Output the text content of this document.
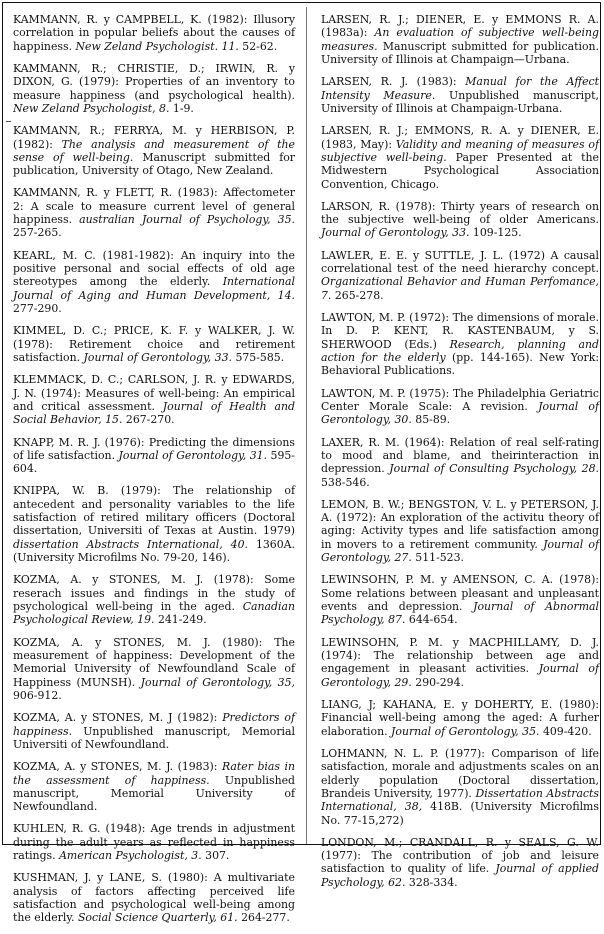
KAMMANN, R. y CAMPBELL, K. (1982): Illusory correlation in popular beliefs about the causes of happiness. New Zeland Psychologist. 11. 52-62.

KAMMANN, R.; CHRISTIE, D.; IRWIN, R. y DIXON, G. (1979): Properties of an inventory to measure happiness (and psychological health). New Zeland Psychologist, 8. 1-9.

KAMMANN, R.; FERRYA, M. y HERBISON, P. (1982): The analysis and measurement of the sense of well-being. Manuscript submitted for publication, University of Otago, New Zealand.

KAMMANN, R. y FLETT, R. (1983): Affectometer 2: A scale to measure current level of general happiness. australian Journal of Psychology, 35. 257-265.

KEARL, M. C. (1981-1982): An inquiry into the positive personal and social effects of old age stereotypes among the elderly. International Journal of Aging and Human Development, 14. 277-290.

KIMMEL, D. C.; PRICE, K. F. y WALKER, J. W. (1978): Retirement choice and retirement satisfaction. Journal of Gerontology, 33. 575-585.

KLEMMACK, D. C.; CARLSON, J. R. y EDWARDS, J. N. (1974): Measures of well-being: An empirical and critical assessment. Journal of Health and Social Behavior, 15. 267-270.

KNAPP, M. R. J. (1976): Predicting the dimensions of life satisfaction. Journal of Gerontology, 31. 595-604.

KNIPPA, W. B. (1979): The relationship of antecedent and personality variables to the life satisfaction of retired military officers (Doctoral dissertation, Universiti of Texas at Austin. 1979) dissertation Abstracts International, 40. 1360A. (University Microfilms No. 79-20, 146).

KOZMA, A. y STONES, M. J. (1978): Some reserach issues and findings in the study of psychological well-being in the aged. Canadian Psychological Review, 19. 241-249.

KOZMA, A. y STONES, M. J. (1980): The measurement of happiness: Development of the Memorial University of Newfoundland Scale of Happiness (MUNSH). Journal of Gerontology, 35, 906-912.

KOZMA, A. y STONES, M. J (1982): Predictors of happiness. Unpublished manuscript, Memorial Universiti of Newfoundland.

KOZMA, A. y STONES, M. J. (1983): Rater bias in the assessment of happiness. Unpublished manuscript, Memorial University of Newfoundland.

KUHLEN, R. G. (1948): Age trends in adjustment during the adult years as reflected in happiness ratings. American Psychologist, 3. 307.

KUSHMAN, J. y LANE, S. (1980): A multivariate analysis of factors affecting perceived life satisfaction and psychological well-being among the elderly. Social Science Quarterly, 61. 264-277.

LARSEN, R. J.; DIENER, E. y EMMONS R. A. (1983a): An evaluation of subjective well-being measures. Manuscript submitted for publication. University of Illinois at Champaign—Urbana.

LARSEN, R. J. (1983): Manual for the Affect Intensity Measure. Unpublished manuscript, University of Illinois at Champaign-Urbana.

LARSEN, R. J.; EMMONS, R. A. y DIENER, E. (1983, May): Validity and meaning of measures of subjective well-being. Paper Presented at the Midwestern Psychological Association Convention, Chicago.

LARSON, R. (1978): Thirty years of research on the subjective well-being of older Americans. Journal of Gerontology, 33. 109-125.

LAWLER, E. E. y SUTTLE, J. L. (1972) A causal correlational test of the need hierarchy concept. Organizational Behavior and Human Perfomance, 7. 265-278.

LAWTON, M. P. (1972): The dimensions of morale. In D. P. KENT, R. KASTENBAUM, y S. SHERWOOD (Eds.) Research, planning and action for the elderly (pp. 144-165). New York: Behavioral Publications.

LAWTON, M. P. (1975): The Philadelphia Geriatric Center Morale Scale: A revision. Journal of Gerontology, 30. 85-89.

LAXER, R. M. (1964): Relation of real self-rating to mood and blame, and theirinteraction in depression. Journal of Consulting Psychology, 28. 538-546.

LEMON, B. W.; BENGSTON, V. L. y PETERSON, J. A. (1972): An exploration of the activitu theory of aging: Activity types and life satisfaction among in movers to a retirement community. Journal of Gerontology, 27. 511-523.

LEWINSOHN, P. M. y AMENSON, C. A. (1978): Some relations between pleasant and unpleasant events and depression. Journal of Abnormal Psychology, 87. 644-654.

LEWINSOHN, P. M. y MACPHILLAMY, D. J. (1974): The relationship between age and engagement in pleasant activities. Journal of Gerontology, 29. 290-294.

LIANG, J; KAHANA, E. y DOHERTY, E. (1980): Financial well-being among the aged: A furher elaboration. Journal of Gerontology, 35. 409-420.

LOHMANN, N. L. P. (1977): Comparison of life satisfaction, morale and adjustments scales on an elderly population (Doctoral dissertation, Brandeis University, 1977). Dissertation Abstracts International, 38, 418B. (University Microfilms No. 77-15,272)

LONDON, M.; CRANDALL, R. y SEALS, G. W. (1977): The contribution of job and leisure satisfaction to quality of life. Journal of applied Psychology, 62. 328-334.
